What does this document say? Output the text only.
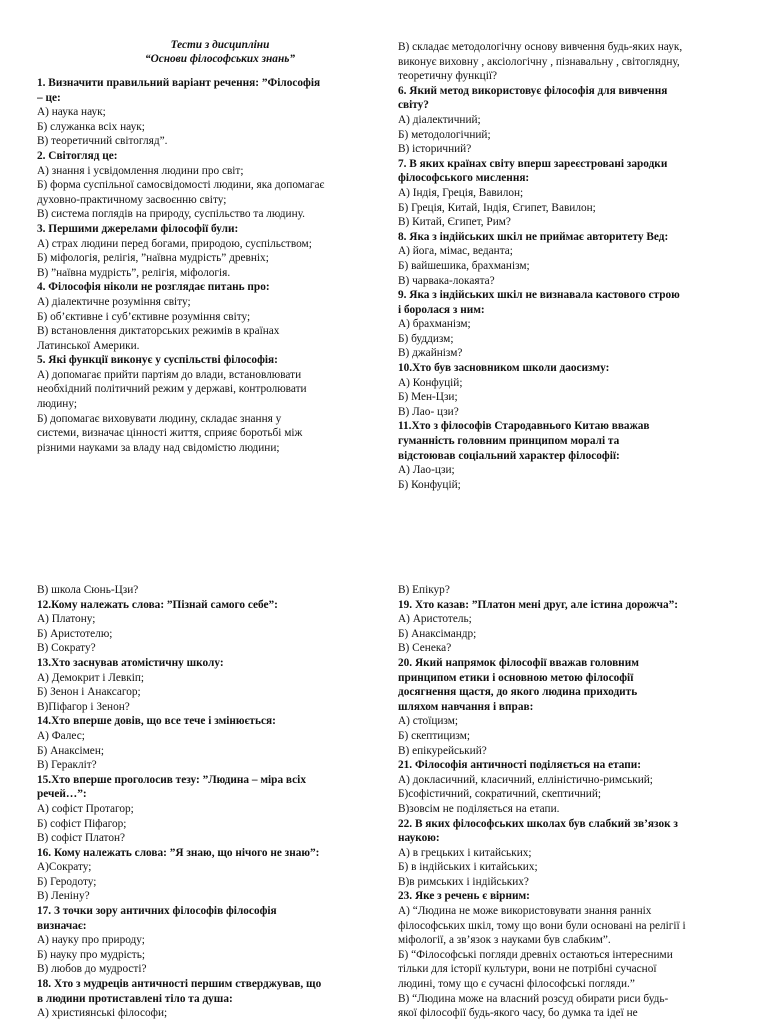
Тести з дисципліни
“Основи філософських знань”
1. Визначити правильний варіант речення: ”Філософія
– це:
А) наука наук;
Б) служанка всіх наук;
В) теоретичний світогляд”.
2. Світогляд це:
А) знання і усвідомлення людини про світ;
Б) форма суспільної самосвідомості людини, яка допомагає
духовно-практичному засвоєнню світу;
В) система поглядів на природу, суспільство та людину.
3. Першими джерелами філософії були:
А) страх людини перед богами, природою, суспільством;
Б) міфологія, релігія, ”наївна мудрість” древніх;
В) ”наївна мудрість”, релігія, міфологія.
4. Філософія ніколи не розглядає питань про:
А) діалектичне розуміння світу;
Б) об’єктивне і суб’єктивне розуміння світу;
В) встановлення диктаторських режимів в країнах
Латинської Америки.
5. Які функції виконує у суспільстві філософія:
А) допомагає прийти партіям до влади, встановлювати
необхідний політичний режим у державі, контролювати
людину;
Б) допомагає виховувати людину, складає знання у
системи, визначає цінності життя, сприяє боротьбі між
різними науками за владу над свідомістю людини;
В) складає методологічну основу вивчення будь-яких наук,
виконує виховну , аксіологічну , пізнавальну , світоглядну,
теоретичну функції?
6. Який метод використовує філософія для вивчення
світу?
А) діалектичний;
Б) методологічний;
В) історичний?
7. В яких країнах світу вперш зареєстровані зародки
філософського мислення:
А) Індія, Греція, Вавилон;
Б) Греція, Китай, Індія, Єгипет, Вавилон;
В) Китай, Єгипет, Рим?
8. Яка з індійських шкіл не приймає авторитету Вед:
А) йога, мімас, веданта;
Б) вайшешика, брахманізм;
В) чарвака-локаята?
9. Яка з індійських шкіл не визнавала кастового строю
і боролася з ним:
А) брахманізм;
Б) буддизм;
В) джайнізм?
10.Хто був засновником школи даосизму:
А) Конфуцій;
Б) Мен-Цзи;
В) Лао- цзи?
11.Хто з філософів Стародавнього Китаю вважав
гуманність головним принципом моралі та
відстоював соціальний характер філософії:
А) Лао-цзи;
Б) Конфуцій;
В) школа Сюнь-Цзи?
12.Кому належать слова: ”Пізнай самого себе”:
А) Платону;
Б) Аристотелю;
В) Сократу?
13.Хто заснував атомістичну школу:
А) Демокрит і Левкіп;
Б) Зенон і Анаксагор;
В)Піфагор і Зенон?
14.Хто вперше довів, що все тече і змінюється:
А) Фалес;
Б) Анаксімен;
В) Геракліт?
15.Хто вперше проголосив тезу: ”Людина – міра всіх
речей…”:
А) софіст Протагор;
Б) софіст Піфагор;
В) софіст Платон?
16. Кому належать слова: ”Я знаю, що нічого не знаю”:
А)Сократу;
Б) Геродоту;
В) Леніну?
17. З точки зору античних філософів філософія
визначає:
А) науку про природу;
Б) науку про мудрість;
В) любов до мудрості?
18. Хто з мудреців античності першим стверджував, що
в людини протиставлені тіло та душа:
А) християнські філософи;
В) Епікур?
19. Хто казав: ”Платон мені друг, але істина дорожча”:
А) Аристотель;
Б) Анаксімандр;
В) Сенека?
20. Який напрямок філософії вважав головним
принципом етики і основною метою філософії
досягнення щастя, до якого людина приходить
шляхом навчання і вправ:
А) стоїцизм;
Б) скептицизм;
В) епікурейський?
21. Філософія античності поділяється на етапи:
А) докласичний, класичний, елліністично-римський;
Б)софістичний, сократичний, скептичний;
В)зовсім не поділяється на етапи.
22. В яких філософських школах був слабкий зв’язок з
наукою:
А) в грецьких і китайських;
Б) в індійських і китайських;
В)в римських і індійських?
23. Яке з речень є вірним:
А) “Людина не може використовувати знання ранніх
філософських шкіл, тому що вони були основані на релігії і
міфології, а зв’язок з науками був слабким”.
Б) “Філософські погляди древніх остаються інтересними
тільки для історії культури, вони не потрібні сучасної
людині, тому що є сучасні філософські погляди.”
В) “Людина може на власний розсуд обирати риси будь-
якої філософії будь-якого часу, бо думка та ідеї не
